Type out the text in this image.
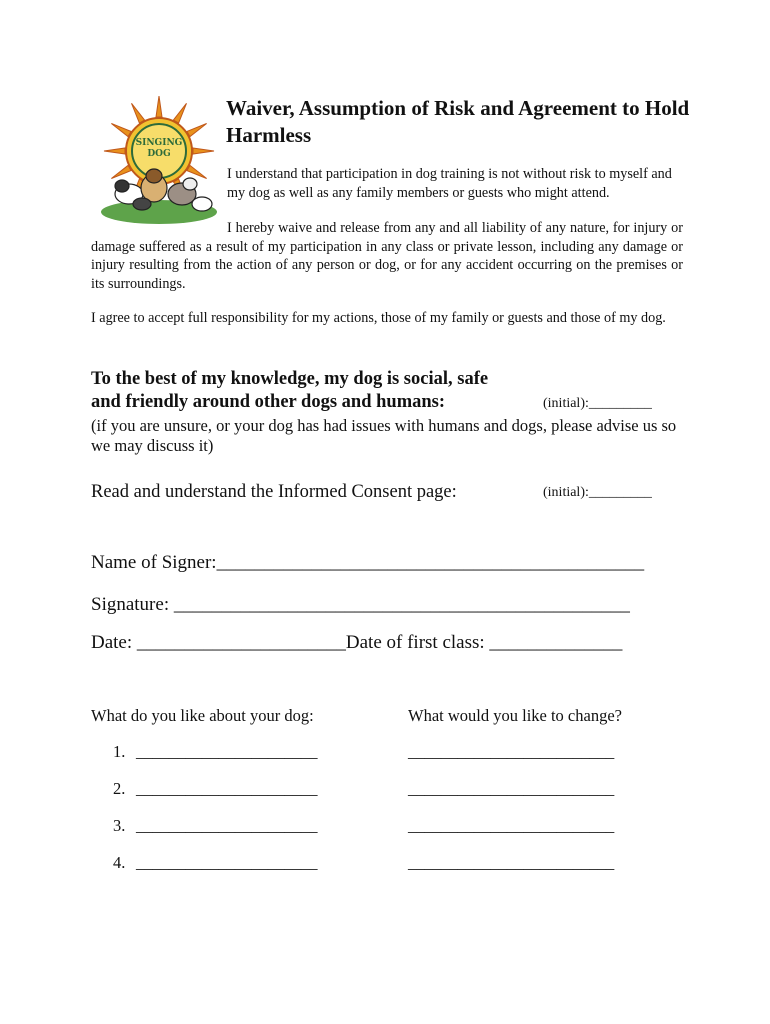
SINGING
DOG
Waiver, Assumption of Risk and Agreement to Hold Harmless
I understand that participation in dog training is not without risk to myself and my dog as well as any family members or guests who might attend.
I hereby waive and release from any and all liability of any nature, for injury or damage suffered as a result of my participation in any class or private lesson, including any damage or injury resulting from the action of any person or dog, or for any accident occurring on the premises or its surroundings.
I agree to accept full responsibility for my actions, those of my family or guests and those of my dog.
To the best of my knowledge, my dog is social, safe
and friendly around other dogs and humans:	(initial):_________
(if you are unsure, or your dog has had issues with humans and dogs, please advise us so we may discuss it)
Read and understand the Informed Consent page:	(initial):_________
Name of Signer:_____________________________________________
Signature: ________________________________________________
Date: ______________________Date of first class: ______________
What do you like about your dog:	What would you like to change?
1. ______________________	_________________________
2. ______________________	_________________________
3. ______________________	_________________________
4. ______________________	_________________________
